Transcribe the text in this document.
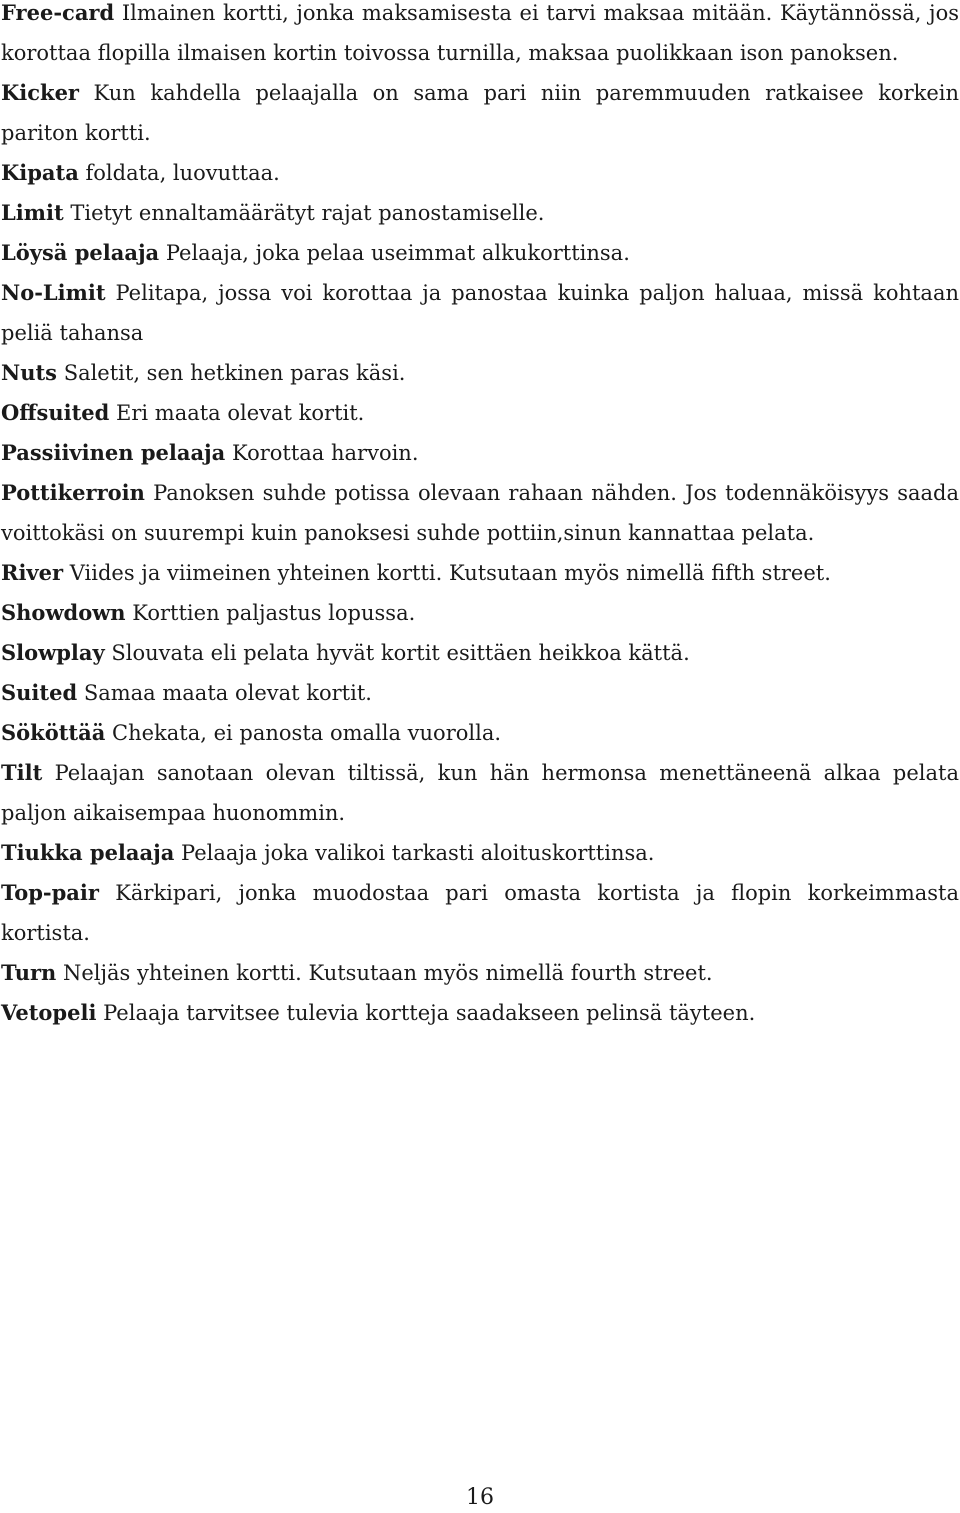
Free-card Ilmainen kortti, jonka maksamisesta ei tarvi maksaa mitään. Käytännössä, jos korottaa flopilla ilmaisen kortin toivossa turnilla, maksaa puolikkaan ison panoksen.

Kicker Kun kahdella pelaajalla on sama pari niin paremmuuden ratkaisee korkein pariton kortti.

Kipata foldata, luovuttaa.

Limit Tietyt ennaltamäärätyt rajat panostamiselle.

Löysä pelaaja Pelaaja, joka pelaa useimmat alkukorttinsa.

No-Limit Pelitapa, jossa voi korottaa ja panostaa kuinka paljon haluaa, missä kohtaan peliä tahansa

Nuts Saletit, sen hetkinen paras käsi.

Offsuited Eri maata olevat kortit.

Passiivinen pelaaja Korottaa harvoin.

Pottikerroin Panoksen suhde potissa olevaan rahaan nähden. Jos todennäköisyys saada voittokäsi on suurempi kuin panoksesi suhde pottiin,sinun kannattaa pelata.

River Viides ja viimeinen yhteinen kortti. Kutsutaan myös nimellä fifth street.

Showdown Korttien paljastus lopussa.

Slowplay Slouvata eli pelata hyvät kortit esittäen heikkoa kättä.

Suited Samaa maata olevat kortit.

Sököttää Chekata, ei panosta omalla vuorolla.

Tilt Pelaajan sanotaan olevan tiltissä, kun hän hermonsa menettäneenä alkaa pelata paljon aikaisempaa huonommin.

Tiukka pelaaja Pelaaja joka valikoi tarkasti aloituskorttinsa.

Top-pair Kärkipari, jonka muodostaa pari omasta kortista ja flopin korkeimmasta kortista.

Turn Neljäs yhteinen kortti. Kutsutaan myös nimellä fourth street.

Vetopeli Pelaaja tarvitsee tulevia kortteja saadakseen pelinsä täyteen.

16
